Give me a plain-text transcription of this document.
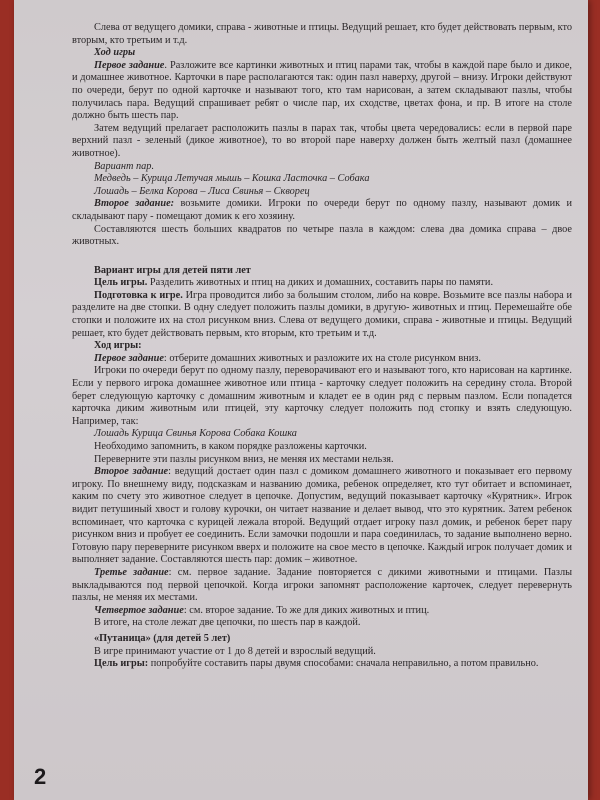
Слева от ведущего домики, справа - животные и птицы. Ведущий решает, кто будет действовать первым, кто вторым, кто третьим и т.д.

Ход игры

Первое задание. Разложите все картинки животных и птиц парами так, чтобы в каждой паре было и дикое, и домашнее животное. Карточки в паре располагаются так: один пазл наверху, другой – внизу. Игроки действуют по очереди, берут по одной карточке и называют того, кто там нарисован, а затем складывают пазлы, чтобы получилась пара. Ведущий спрашивает ребят о числе пар, их сходстве, цветах фона, и пр. В итоге на столе должно быть шесть пар.

Затем ведущий прелагает расположить пазлы в парах так, чтобы цвета чередовались: если в первой паре верхний пазл - зеленый (дикое животное), то во второй паре наверху должен быть желтый пазл (домашнее животное).

Вариант пар.

Медведь – Курица Летучая мышь – Кошка Ласточка – Собака

Лошадь – Белка Корова – Лиса Свинья – Скворец

Второе задание: возьмите домики. Игроки по очереди берут по одному пазлу, называют домик и складывают пару - помещают домик к его хозяину.

Составляются шесть больших квадратов по четыре пазла в каждом: слева два домика справа – двое животных.

Вариант игры для детей пяти лет

Цель игры. Разделить животных и птиц на диких и домашних, составить пары по памяти.

Подготовка к игре. Игра проводится либо за большим столом, либо на ковре. Возьмите все пазлы набора и разделите на две стопки. В одну следует положить пазлы домики, в другую- животных и птиц. Перемешайте обе стопки и положите их на стол рисунком вниз. Слева от ведущего домики, справа - животные и птицы. Ведущий решает, кто будет действовать первым, кто вторым, кто третьим и т.д.

Ход игры:

Первое задание: отберите домашних животных и разложите их на столе рисунком вниз.

Игроки по очереди берут по одному пазлу, переворачивают его и называют того, кто нарисован на картинке. Если у первого игрока домашнее животное или птица - карточку следует положить на середину стола. Второй берет следующую карточку с домашним животным и кладет ее в один ряд с первым пазлом. Если попадется карточка диким животным или птицей, эту карточку следует положить под стопку и взять следующую. Например, так:

Лошадь Курица Свинья Корова Собака Кошка

Необходимо запомнить, в каком порядке разложены карточки.

Переверните эти пазлы рисунком вниз, не меняя их местами нельзя.

Второе задание: ведущий достает один пазл с домиком домашнего животного и показывает его первому игроку. По внешнему виду, подсказкам и названию домика, ребенок определяет, кто тут обитает и вспоминает, каким по счету это животное следует в цепочке. Допустим, ведущий показывает карточку «Курятник». Игрок видит петушиный хвост и голову курочки, он читает название и делает вывод, что это курятник. Затем ребенок вспоминает, что карточка с курицей лежала второй. Ведущий отдает игроку пазл домик, и ребенок берет пару рисунком вниз и пробует ее соединить. Если замочки подошли и пара соединилась, то задание выполнено верно. Готовую пару переверните рисунком вверх и положите на свое место в цепочке. Каждый игрок получает домик и выполняет задание. Составляются шесть пар: домик – животное.

Третье задание: см. первое задание. Задание повторяется с дикими животными и птицами. Пазлы выкладываются под первой цепочкой. Когда игроки запомнят расположение карточек, следует перевернуть пазлы, не меняя их местами.

Четвертое задание: см. второе задание. То же для диких животных и птиц.

В итоге, на столе лежат две цепочки, по шесть пар в каждой.

«Путаница» (для детей 5 лет)

В игре принимают участие от 1 до 8 детей и взрослый ведущий.

Цель игры: попробуйте составить пары двумя способами: сначала неправильно, а потом правильно.

2
